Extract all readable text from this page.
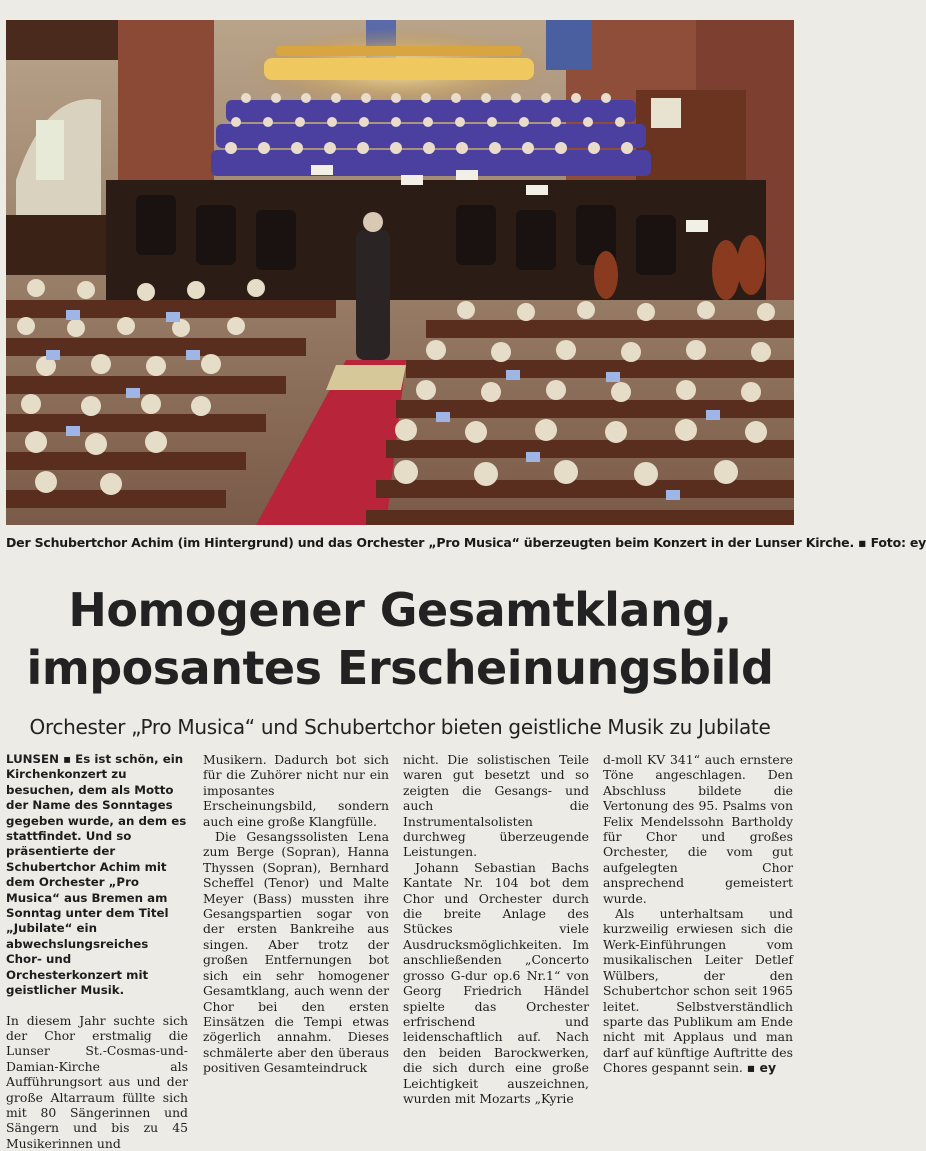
Der Schubertchor Achim (im Hintergrund) und das Orchester „Pro Musica“ überzeugten beim Konzert in der Lunser Kirche. ▪ Foto: ey
Homogener Gesamtklang,
imposantes Erscheinungsbild
Orchester „Pro Musica“ und Schubertchor bieten geistliche Musik zu Jubilate

LUNSEN ▪ Es ist schön, ein Kirchenkonzert zu besuchen, dem als Motto der Name des Sonntages gegeben wurde, an dem es stattfindet. Und so präsentierte der Schubertchor Achim mit dem Orchester „Pro Musica“ aus Bremen am Sonntag unter dem Titel „Jubilate“ ein abwechslungsreiches Chor- und Orchesterkonzert mit geistlicher Musik.

In diesem Jahr suchte sich der Chor erstmalig die Lunser St.-Cosmas-und-Damian-Kirche als Aufführungsort aus und der große Altarraum füllte sich mit 80 Sängerinnen und Sängern und bis zu 45 Musikerinnen und

Musikern. Dadurch bot sich für die Zuhörer nicht nur ein imposantes Erscheinungsbild, sondern auch eine große Klangfülle.

Die Gesangssolisten Lena zum Berge (Sopran), Hanna Thyssen (Sopran), Bernhard Scheffel (Tenor) und Malte Meyer (Bass) mussten ihre Gesangspartien sogar von der ersten Bankreihe aus singen. Aber trotz der großen Entfernungen bot sich ein sehr homogener Gesamtklang, auch wenn der Chor bei den ersten Einsätzen die Tempi etwas zögerlich annahm. Dieses schmälerte aber den überaus positiven Gesamteindruck

nicht. Die solistischen Teile waren gut besetzt und so zeigten die Gesangs- und auch die Instrumentalsolisten durchweg überzeugende Leistungen.

Johann Sebastian Bachs Kantate Nr. 104 bot dem Chor und Orchester durch die breite Anlage des Stückes viele Ausdrucksmöglichkeiten. Im anschließenden „Concerto grosso G-dur op.6 Nr.1“ von Georg Friedrich Händel spielte das Orchester erfrischend und leidenschaftlich auf. Nach den beiden Barockwerken, die sich durch eine große Leichtigkeit auszeichnen, wurden mit Mozarts „Kyrie

d-moll KV 341“ auch ernstere Töne angeschlagen. Den Abschluss bildete die Vertonung des 95. Psalms von Felix Mendelssohn Bartholdy für Chor und großes Orchester, die vom gut aufgelegten Chor ansprechend gemeistert wurde.

Als unterhaltsam und kurzweilig erwiesen sich die Werk-Einführungen vom musikalischen Leiter Detlef Wülbers, der den Schubertchor schon seit 1965 leitet. Selbstverständlich sparte das Publikum am Ende nicht mit Applaus und man darf auf künftige Auftritte des Chores gespannt sein. ▪ ey
